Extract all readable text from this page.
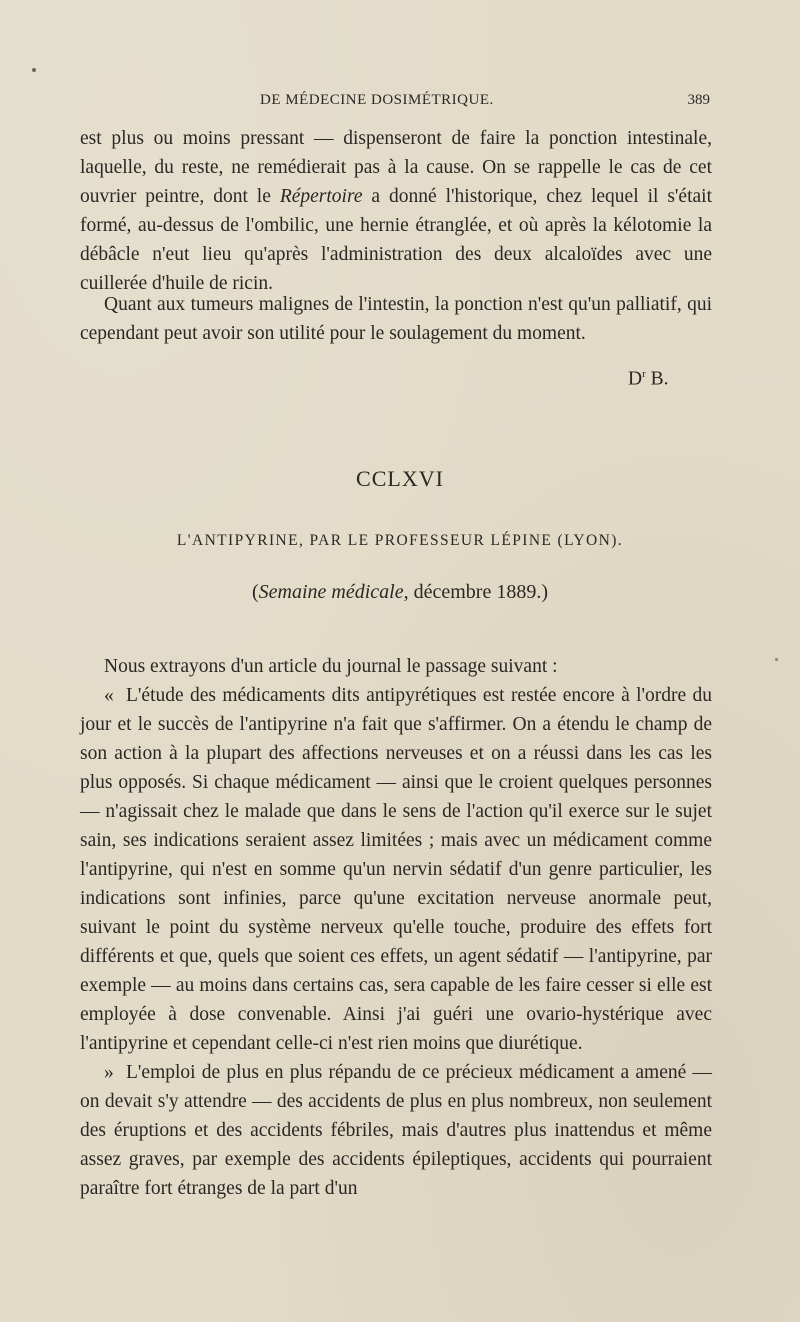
DE MÉDECINE DOSIMÉTRIQUE.	389

est plus ou moins pressant — dispenseront de faire la ponction intestinale, laquelle, du reste, ne remédierait pas à la cause. On se rappelle le cas de cet ouvrier peintre, dont le Répertoire a donné l'historique, chez lequel il s'était formé, au-dessus de l'ombilic, une hernie étranglée, et où après la kélotomie la débâcle n'eut lieu qu'après l'administration des deux alcaloïdes avec une cuillerée d'huile de ricin.

Quant aux tumeurs malignes de l'intestin, la ponction n'est qu'un palliatif, qui cependant peut avoir son utilité pour le soulagement du moment.

$D^r$ B.
CCLXVI
L'ANTIPYRINE, PAR LE PROFESSEUR LÉPINE (LYON).
(Semaine médicale, décembre 1889.)

Nous extrayons d'un article du journal le passage suivant :

« L'étude des médicaments dits antipyrétiques est restée encore à l'ordre du jour et le succès de l'antipyrine n'a fait que s'affirmer. On a étendu le champ de son action à la plupart des affections nerveuses et on a réussi dans les cas les plus opposés. Si chaque médicament — ainsi que le croient quelques personnes — n'agissait chez le malade que dans le sens de l'action qu'il exerce sur le sujet sain, ses indications seraient assez limitées ; mais avec un médicament comme l'antipyrine, qui n'est en somme qu'un nervin sédatif d'un genre particulier, les indications sont infinies, parce qu'une excitation nerveuse anormale peut, suivant le point du système nerveux qu'elle touche, produire des effets fort différents et que, quels que soient ces effets, un agent sédatif — l'antipyrine, par exemple — au moins dans certains cas, sera capable de les faire cesser si elle est employée à dose convenable. Ainsi j'ai guéri une ovario-hystérique avec l'antipyrine et cependant celle-ci n'est rien moins que diurétique.

» L'emploi de plus en plus répandu de ce précieux médicament a amené — on devait s'y attendre — des accidents de plus en plus nombreux, non seulement des éruptions et des accidents fébriles, mais d'autres plus inattendus et même assez graves, par exemple des accidents épileptiques, accidents qui pourraient paraître fort étranges de la part d'un
